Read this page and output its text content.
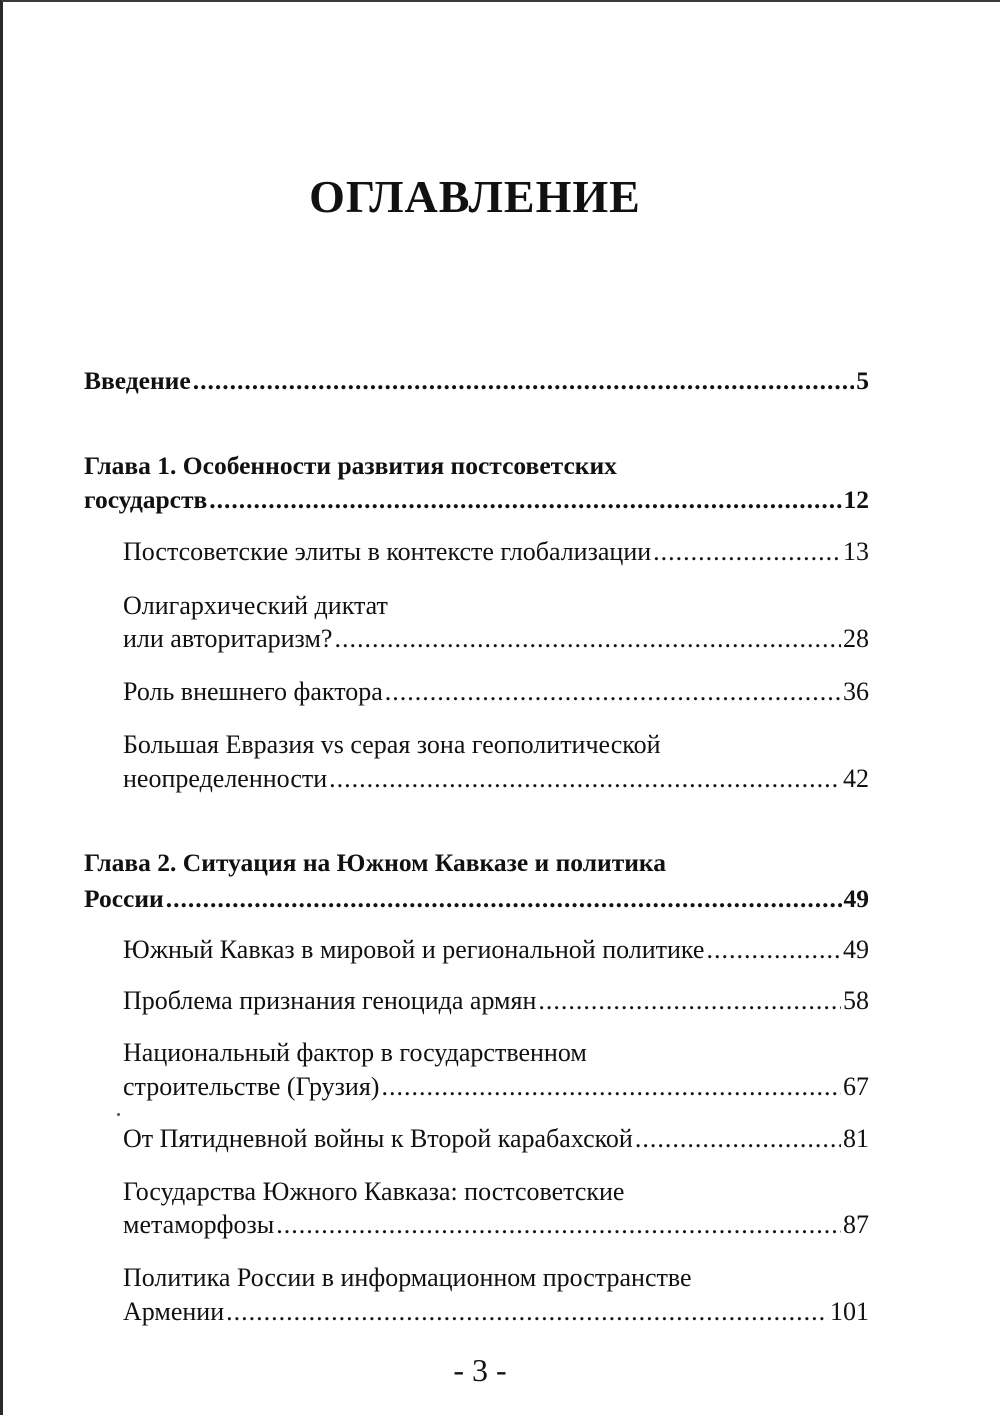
ОГЛАВЛЕНИЕ
Введение .....	5
Глава 1. Особенности развития постсоветских
государств .....	12
Постсоветские элиты в контексте глобализации .....	13
Олигархический диктат
или авторитаризм? .....	28
Роль внешнего фактора .....	36
Большая Евразия vs серая зона геополитической
неопределенности .....	42
Глава 2. Ситуация на Южном Кавказе и политика
России .....	49
Южный Кавказ в мировой и региональной политике .....	49
Проблема признания геноцида армян .....	58
Национальный фактор в государственном
строительстве (Грузия) .....	67
От Пятидневной войны к Второй карабахской .....	81
Государства Южного Кавказа: постсоветские
метаморфозы .....	87
Политика России в информационном пространстве
Армении .....	101
- 3 -
